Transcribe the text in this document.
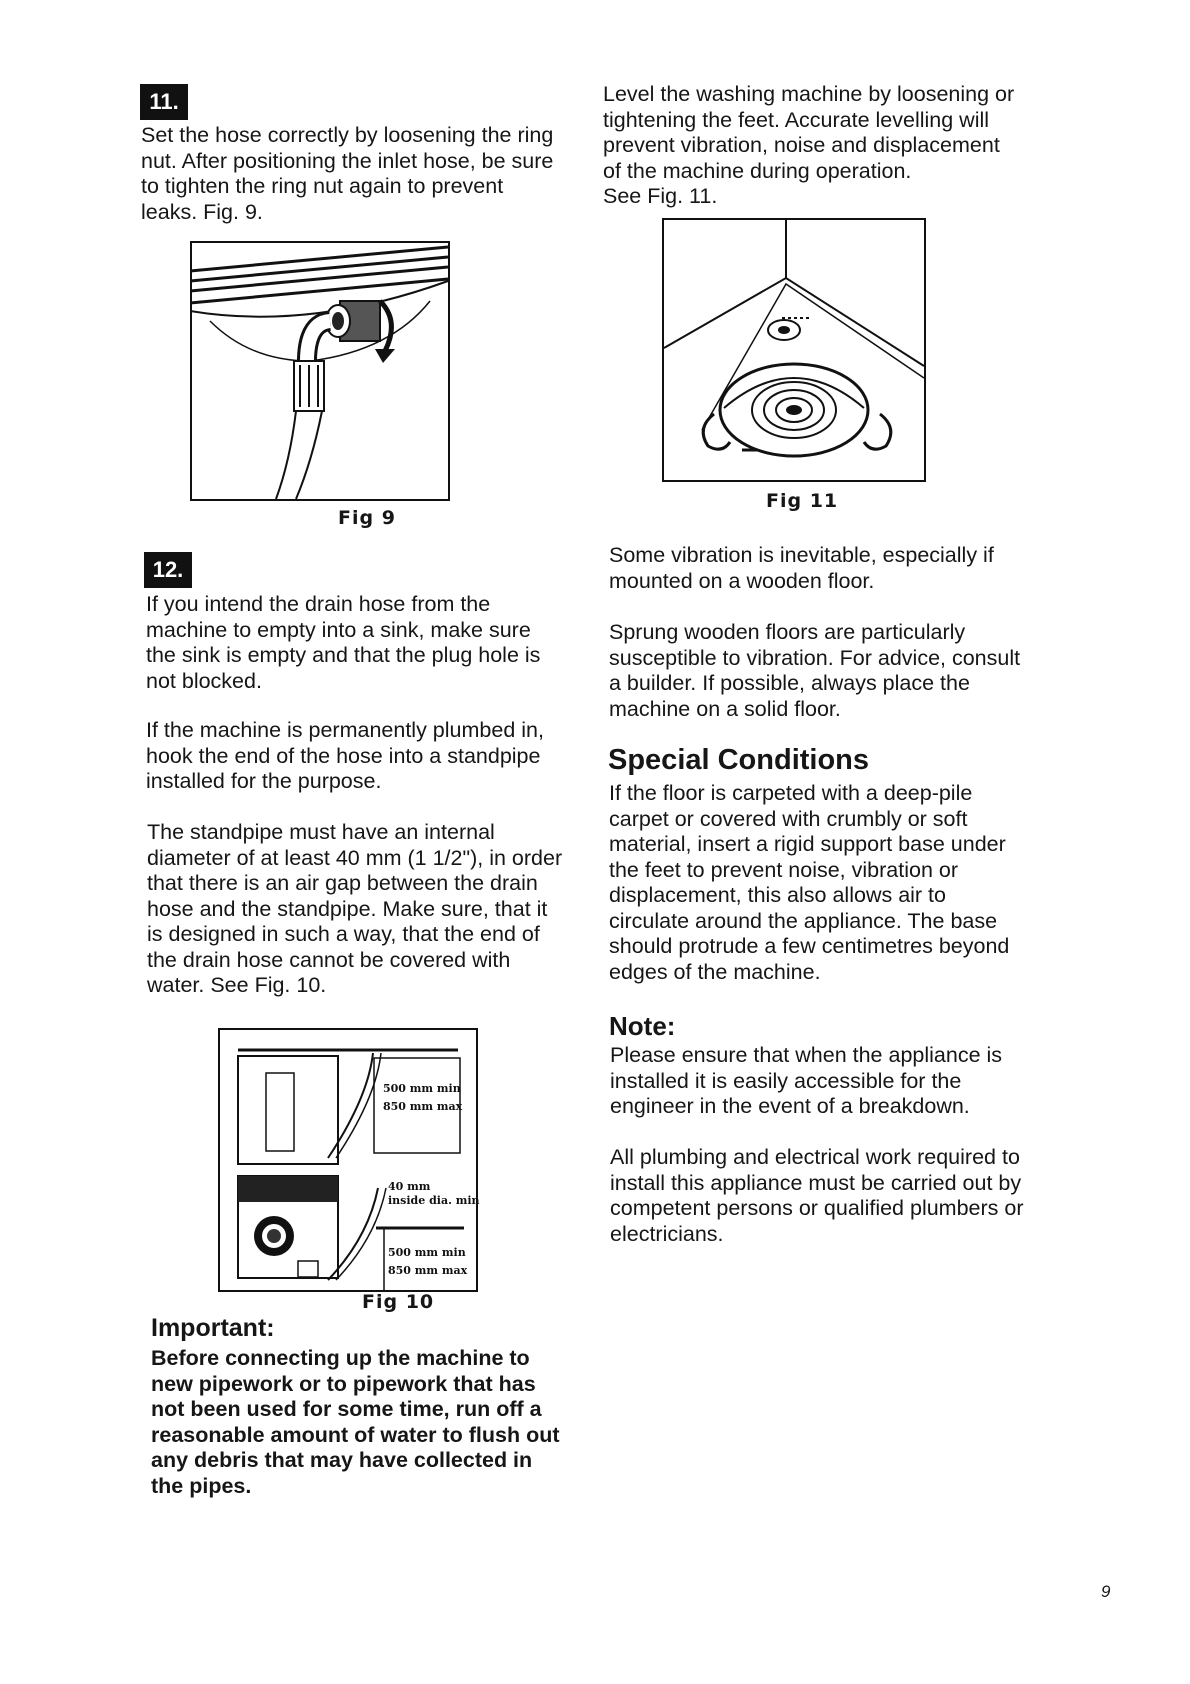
11.

Set the hose correctly by loosening the ring
nut. After positioning the inlet hose, be sure
to tighten the ring nut again to prevent
leaks. Fig. 9.

Fig 9
12.

If you intend the drain hose from the
machine to empty into a sink, make sure
the sink is empty and that the plug hole is
not blocked.

If the machine is permanently plumbed in,
hook the end of the hose into a standpipe
installed for the purpose.

The standpipe must have an internal
diameter of at least 40 mm (1 1/2"), in order
that there is an air gap between the drain
hose and the standpipe. Make sure, that it
is designed in such a way, that the end of
the drain hose cannot be covered with
water. See Fig. 10.

500 mm min
850 mm max
40 mm
inside dia. min
500 mm min
850 mm max
Fig 10
Important:

Before connecting up the machine to
new pipework or to pipework that has
not been used for some time, run off a
reasonable amount of water to flush out
any debris that may have collected in
the pipes.

Level the washing machine by loosening or
tightening the feet. Accurate levelling will
prevent vibration, noise and displacement
of the machine during operation.
See Fig. 11.

Fig 11

Some vibration is inevitable, especially if
mounted on a wooden floor.

Sprung wooden floors are particularly
susceptible to vibration. For advice, consult
a builder. If possible, always place the
machine on a solid floor.

Special Conditions

If the floor is carpeted with a deep-pile
carpet or covered with crumbly or soft
material, insert a rigid support base under
the feet to prevent noise, vibration or
displacement, this also allows air to
circulate around the appliance. The base
should protrude a few centimetres beyond
edges of the machine.

Note:

Please ensure that when the appliance is
installed it is easily accessible for the
engineer in the event of a breakdown.

All plumbing and electrical work required to
install this appliance must be carried out by
competent persons or qualified plumbers or
electricians.

9
